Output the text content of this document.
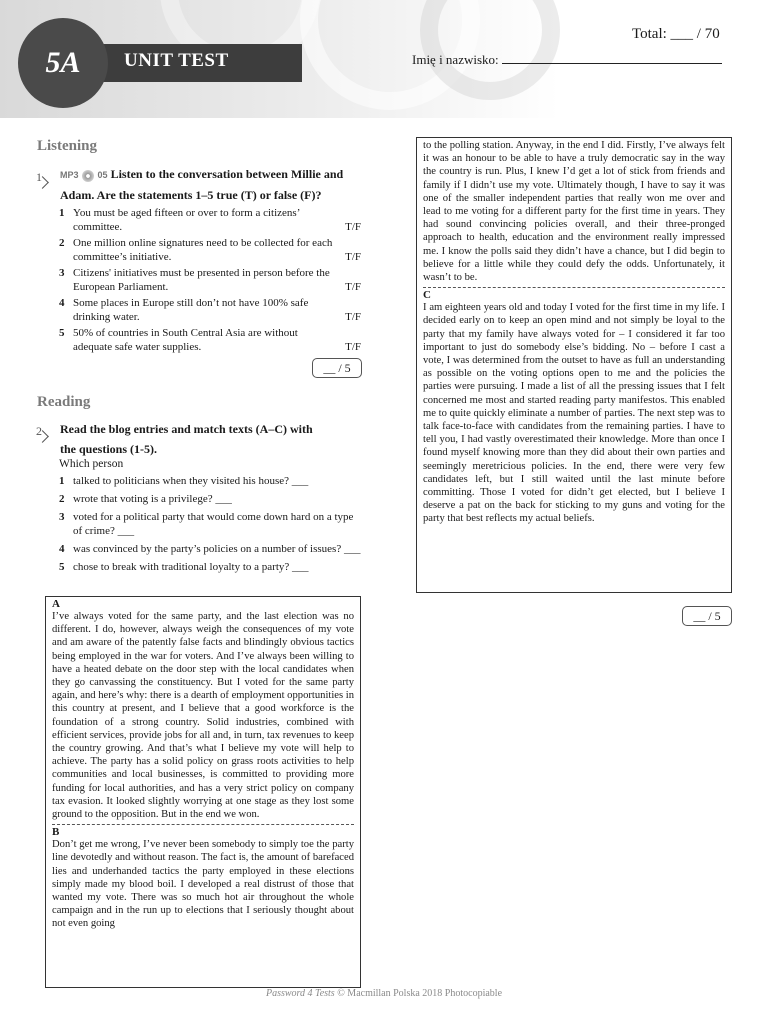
5A	UNIT TEST
Total: ___ / 70
Imię i nazwisko:
Listening
1 MP3 05 Listen to the conversation between Millie and
Adam. Are the statements 1–5 true (T) or false (F)?
1 You must be aged fifteen or over to form a citizens’ committee.	T/F
2 One million online signatures need to be collected for each committee’s initiative.	T/F
3 Citizens' initiatives must be presented in person before the European Parliament.	T/F
4 Some places in Europe still don’t not have 100% safe drinking water.	T/F
5 50% of countries in South Central Asia are without adequate safe water supplies.	T/F
__ / 5
Reading
2 Read the blog entries and match texts (A–C) with
the questions (1-5).
Which person
1 talked to politicians when they visited his house? ___
2 wrote that voting is a privilege? ___
3 voted for a political party that would come down hard on a type of crime? ___
4 was convinced by the party’s policies on a number of issues? ___
5 chose to break with traditional loyalty to a party? ___
A
I’ve always voted for the same party, and the last election was no different. I do, however, always weigh the consequences of my vote and am aware of the patently false facts and blindingly obvious tactics being employed in the war for voters. And I’ve always been willing to have a heated debate on the door step with the local candidates when they go canvassing the constituency. But I voted for the same party again, and here’s why: there is a dearth of employment opportunities in this country at present, and I believe that a good workforce is the foundation of a strong country. Solid industries, combined with efficient services, provide jobs for all and, in turn, tax revenues to keep the country growing. And that’s what I believe my vote will help to achieve. The party has a solid policy on grass roots activities to help communities and local businesses, is committed to providing more funding for local authorities, and has a very strict policy on company tax evasion. It looked slightly worrying at one stage as they lost some ground to the opposition. But in the end we won.
B
Don’t get me wrong, I’ve never been somebody to simply toe the party line devotedly and without reason. The fact is, the amount of barefaced lies and underhanded tactics the party employed in these elections simply made my blood boil. I developed a real distrust of those that wanted my vote. There was so much hot air throughout the whole campaign and in the run up to elections that I seriously thought about not even going
to the polling station. Anyway, in the end I did. Firstly, I’ve always felt it was an honour to be able to have a truly democratic say in the way the country is run. Plus, I knew I’d get a lot of stick from friends and family if I didn’t use my vote. Ultimately though, I have to say it was one of the smaller independent parties that really won me over and lead to me voting for a different party for the first time in years. They had sound convincing policies overall, and their three-pronged approach to health, education and the environment really impressed me. I know the polls said they didn’t have a chance, but I did begin to believe for a little while they could defy the odds. Unfortunately, it wasn’t to be.
C
I am eighteen years old and today I voted for the first time in my life. I decided early on to keep an open mind and not simply be loyal to the party that my family have always voted for – I considered it far too important to just do somebody else’s bidding. No – before I cast a vote, I was determined from the outset to have as full an understanding as possible on the voting options open to me and the policies the parties were pursuing. I made a list of all the pressing issues that I felt concerned me most and started reading party manifestos. This enabled me to quite quickly eliminate a number of parties. The next step was to talk face-to-face with candidates from the remaining parties. I have to tell you, I had vastly overestimated their knowledge. More than once I found myself knowing more than they did about their own parties and seemingly meretricious policies. In the end, there were very few candidates left, but I still waited until the last minute before committing. Those I voted for didn’t get elected, but I believe I deserve a pat on the back for sticking to my guns and voting for the party that best reflects my actual beliefs.
__ / 5
Password 4 Tests © Macmillan Polska 2018 Photocopiable
